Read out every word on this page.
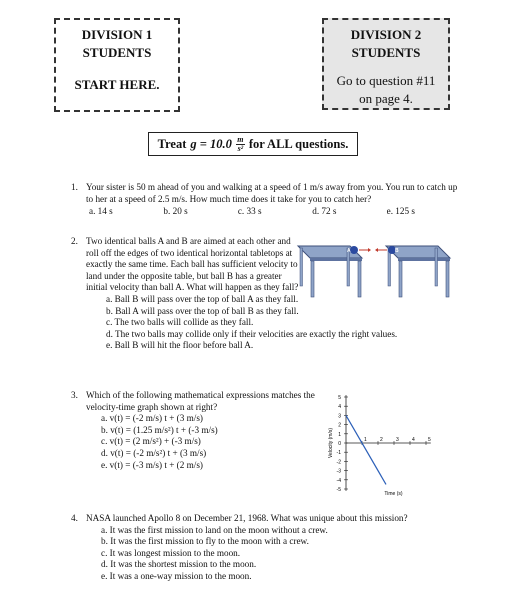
DIVISION 1
STUDENTS
START HERE.
DIVISION 2
STUDENTS
Go to question #11
on page 4.
Treat $g = 10.0 \frac{m}{\text{s²}}$ for ALL questions.
1. Your sister is 50 m ahead of you and walking at a speed of 1 m/s away from you. You run to catch up to her at a speed of 2.5 m/s. How much time does it take for you to catch her?
a. 14 s	b. 20 s	c. 33 s	d. 72 s	e. 125 s
2. Two identical balls A and B are aimed at each other and roll off the edges of two identical horizontal tabletops at exactly the same time. Each ball has sufficient velocity to land under the opposite table, but ball B has a greater initial velocity than ball A. What will happen as they fall?
a. Ball B will pass over the top of ball A as they fall.
b. Ball A will pass over the top of ball B as they fall.
c. The two balls will collide as they fall.
d. The two balls may collide only if their velocities are exactly the right values.
e. Ball B will hit the floor before ball A.
A	B
3. Which of the following mathematical expressions matches the velocity-time graph shown at right?
a. v(t) = (-2 m/s) t + (3 m/s)
b. v(t) = (1.25 m/s²) t + (-3 m/s)
c. v(t) = (2 m/s²) + (-3 m/s)
d. v(t) = (-2 m/s²) t + (3 m/s)
e. v(t) = (-3 m/s) t + (2 m/s)
5
4
3
2
1
0
-1
-2
-3
-4
-5
1	2	3	4	5
Velocity (m/s)
Time (s)
4. NASA launched Apollo 8 on December 21, 1968. What was unique about this mission?
a. It was the first mission to land on the moon without a crew.
b. It was the first mission to fly to the moon with a crew.
c. It was longest mission to the moon.
d. It was the shortest mission to the moon.
e. It was a one-way mission to the moon.
